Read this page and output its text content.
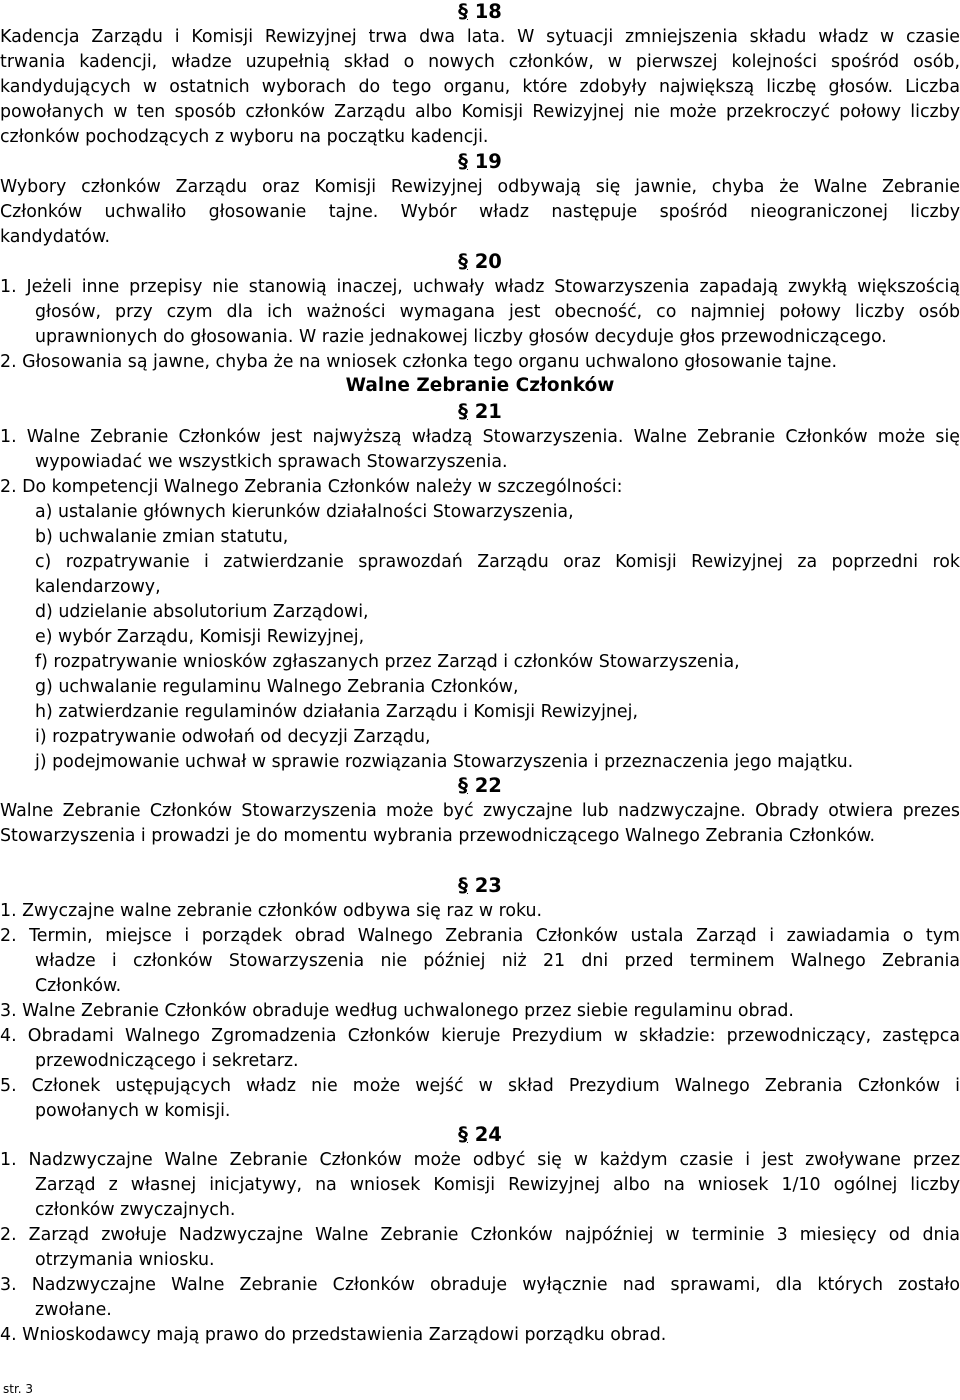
§ 18
§ 19
§ 20
§ 21
§ 22
§ 23
§ 24
Walne Zebranie Członków
Kadencja Zarządu i Komisji Rewizyjnej trwa dwa lata. W sytuacji zmniejszenia składu władz w czasie
trwania kadencji, władze uzupełnią skład o nowych członków, w pierwszej kolejności spośród osób,
kandydujących w ostatnich wyborach do tego organu, które zdobyły największą liczbę głosów. Liczba
powołanych w ten sposób członków Zarządu albo Komisji Rewizyjnej nie może przekroczyć połowy liczby
członków pochodzących z wyboru na początku kadencji.
Wybory członków Zarządu oraz Komisji Rewizyjnej odbywają się jawnie, chyba że Walne Zebranie
Członków uchwaliło głosowanie tajne. Wybór władz następuje spośród nieograniczonej liczby
kandydatów.
1. Jeżeli inne przepisy nie stanowią inaczej, uchwały władz Stowarzyszenia zapadają zwykłą większością
głosów, przy czym dla ich ważności wymagana jest obecność, co najmniej połowy liczby osób
uprawnionych do głosowania. W razie jednakowej liczby głosów decyduje głos przewodniczącego.
2. Głosowania są jawne, chyba że na wniosek członka tego organu uchwalono głosowanie tajne.
1. Walne Zebranie Członków jest najwyższą władzą Stowarzyszenia. Walne Zebranie Członków może się
wypowiadać we wszystkich sprawach Stowarzyszenia.
2. Do kompetencji Walnego Zebrania Członków należy w szczególności:
a) ustalanie głównych kierunków działalności Stowarzyszenia,
b) uchwalanie zmian statutu,
c) rozpatrywanie i zatwierdzanie sprawozdań Zarządu oraz Komisji Rewizyjnej za poprzedni rok
kalendarzowy,
d) udzielanie absolutorium Zarządowi,
e) wybór Zarządu, Komisji Rewizyjnej,
f) rozpatrywanie wniosków zgłaszanych przez Zarząd i członków Stowarzyszenia,
g) uchwalanie regulaminu Walnego Zebrania Członków,
h) zatwierdzanie regulaminów działania Zarządu i Komisji Rewizyjnej,
i) rozpatrywanie odwołań od decyzji Zarządu,
j) podejmowanie uchwał w sprawie rozwiązania Stowarzyszenia i przeznaczenia jego majątku.
Walne Zebranie Członków Stowarzyszenia może być zwyczajne lub nadzwyczajne. Obrady otwiera prezes
Stowarzyszenia i prowadzi je do momentu wybrania przewodniczącego Walnego Zebrania Członków.
1. Zwyczajne walne zebranie członków odbywa się raz w roku.
2. Termin, miejsce i porządek obrad Walnego Zebrania Członków ustala Zarząd i zawiadamia o tym
władze i członków Stowarzyszenia nie później niż 21 dni przed terminem Walnego Zebrania
Członków.
3. Walne Zebranie Członków obraduje według uchwalonego przez siebie regulaminu obrad.
4. Obradami Walnego Zgromadzenia Członków kieruje Prezydium w składzie: przewodniczący, zastępca
przewodniczącego i sekretarz.
5. Członek ustępujących władz nie może wejść w skład Prezydium Walnego Zebrania Członków i
powołanych w komisji.
1. Nadzwyczajne Walne Zebranie Członków może odbyć się w każdym czasie i jest zwoływane przez
Zarząd z własnej inicjatywy, na wniosek Komisji Rewizyjnej albo na wniosek 1/10 ogólnej liczby
członków zwyczajnych.
2. Zarząd zwołuje Nadzwyczajne Walne Zebranie Członków najpóźniej w terminie 3 miesięcy od dnia
otrzymania wniosku.
3. Nadzwyczajne Walne Zebranie Członków obraduje wyłącznie nad sprawami, dla których zostało
zwołane.
4. Wnioskodawcy mają prawo do przedstawienia Zarządowi porządku obrad.
str. 3
